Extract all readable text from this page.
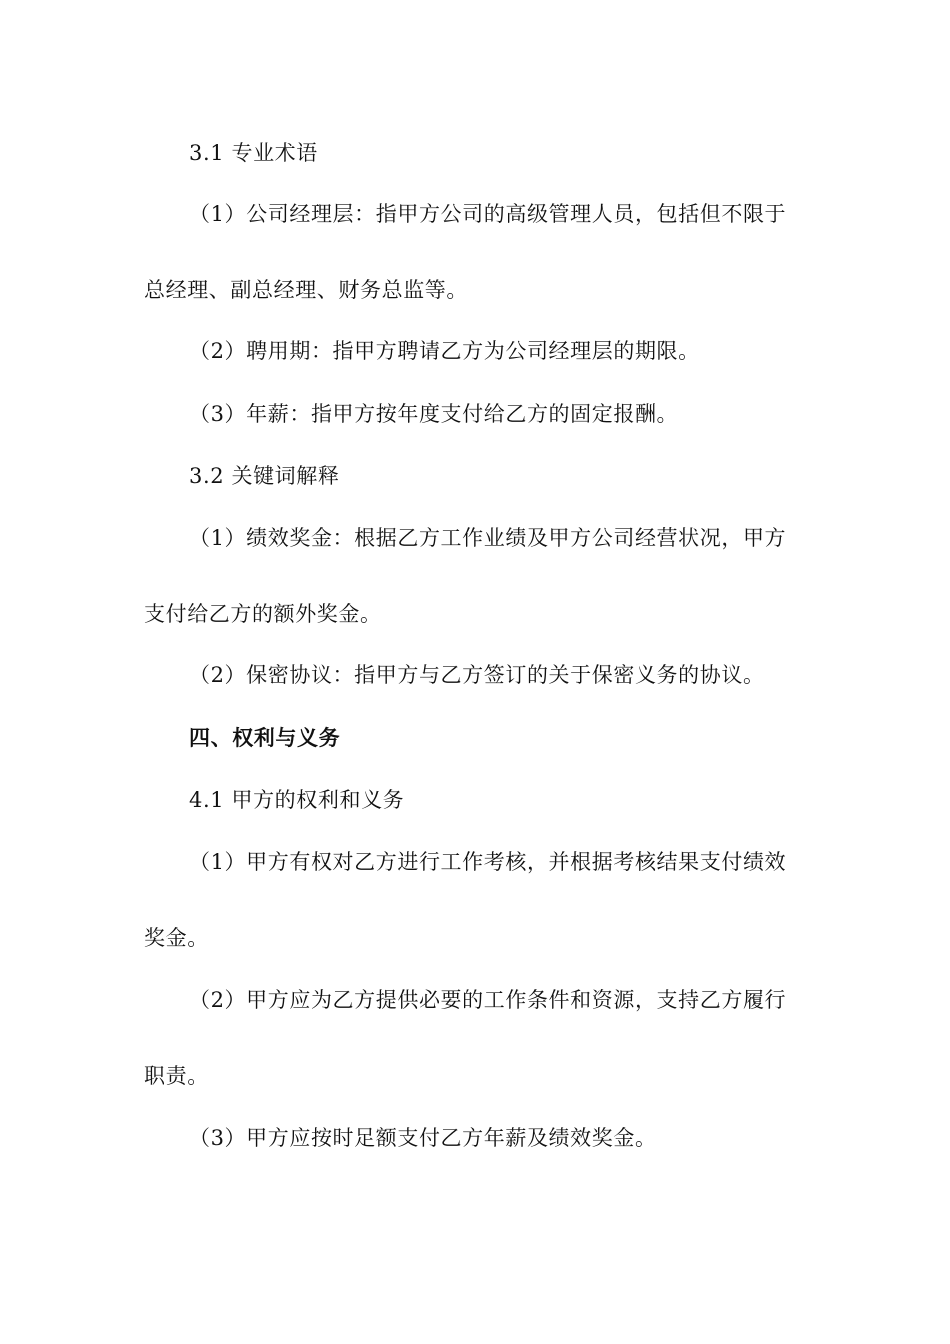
3.1 专业术语
（1）公司经理层：指甲方公司的高级管理人员，包括但不限于
总经理、副总经理、财务总监等。
（2）聘用期：指甲方聘请乙方为公司经理层的期限。
（3）年薪：指甲方按年度支付给乙方的固定报酬。
3.2 关键词解释
（1）绩效奖金：根据乙方工作业绩及甲方公司经营状况，甲方
支付给乙方的额外奖金。
（2）保密协议：指甲方与乙方签订的关于保密义务的协议。
四、权利与义务
4.1 甲方的权利和义务
（1）甲方有权对乙方进行工作考核，并根据考核结果支付绩效
奖金。
（2）甲方应为乙方提供必要的工作条件和资源，支持乙方履行
职责。
（3）甲方应按时足额支付乙方年薪及绩效奖金。
